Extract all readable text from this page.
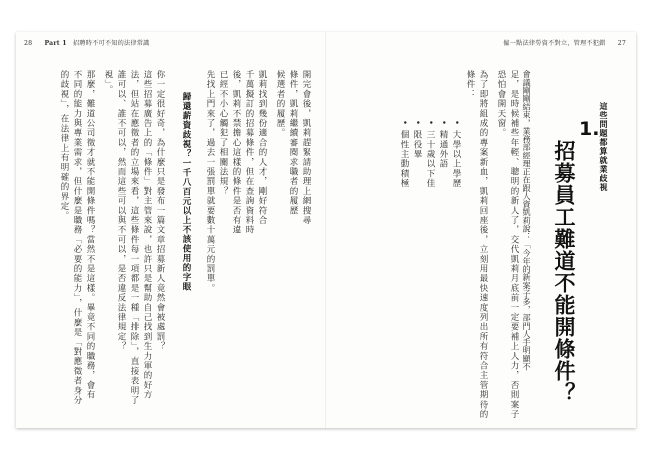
28 Part 1 招聘時不可不知的法律常識	僱一點法律勞資不對立，管理不犯錯 27
這些問題都算就業歧視
1.
招募員工難道不能開條件？
會議剛剛結束，業務部經理正在跟人資凱莉說：「今年的新案子多，部門人手明顯不
足，是時候補些年輕、聰明的新人了，交代凱莉月底前一定要補上人力，否則案子
恐怕會開天窗。
為了即將組成的專案新血，凱莉回座後，立刻用最快速度列出所有符合主管期待的
條件：
• 大學以上學歷
• 精通外語
• 三十歲以下佳
• 限役畢
• 個性主動積極
開完會後，凱莉趕緊請助理上網搜尋
條件，凱莉繼續審閱求職者的履歷
候選者的履歷。
凱莉找到幾份適合的人才，剛好符合
千萬擬訂的招募條件，但在查詢資料時
後，凱莉不禁擔心這樣的條件是否有違
已經不小心觸犯了相關法規？
先找上門來了，過去一張罰單就要數十萬元的罰單。
歸還薪資歧視？一千八百元以上不該使用的字眼
你一定很好奇，為什麼只是發布一篇文章招募新人竟然會被處罰？
這些招募廣告上的「條件」對主管來說，也許只是幫助自己找到生力軍的好方
法，但站在應徵者的立場來看，這些條件每一項都是一種「排除」，直接表明了
誰可以、誰不可以，然而這些可以與不可以，是否違反法律規定？
視」。
那麼，難道公司徵才就不能開條件嗎？當然不是這樣。畢竟不同的職務，會有
不同的能力與專業需求，但什麼是職務「必要的能力」，什麼是「對應徵者身分
的歧視」，在法律上有明確的界定。
